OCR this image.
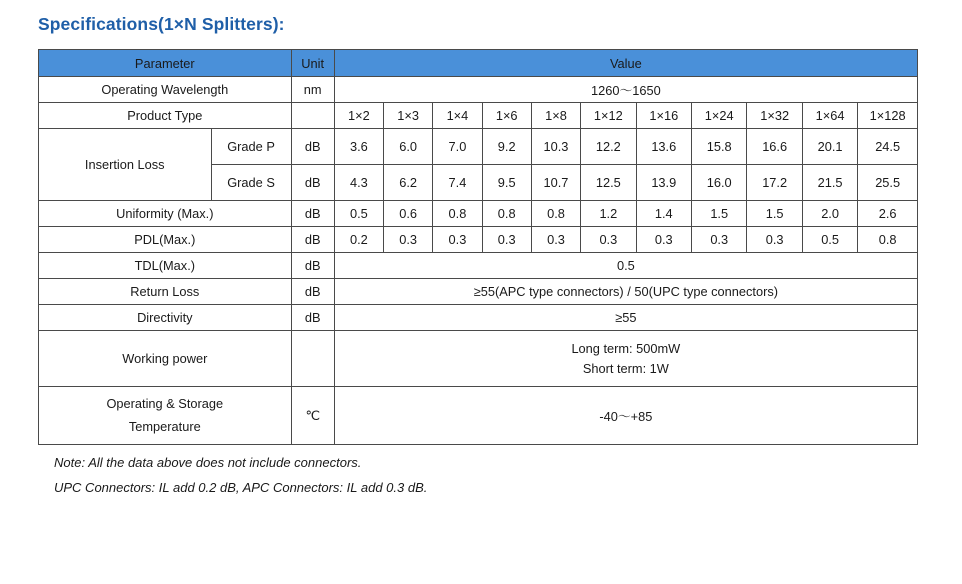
Specifications(1×N Splitters):
Parameter		Unit	Value										
Operating Wavelength		nm	1260～1650										
Product Type			1×2	1×3	1×4	1×6	1×8	1×12	1×16	1×24	1×32	1×64	1×128
Insertion Loss	Grade P	dB	3.6	6.0	7.0	9.2	10.3	12.2	13.6	15.8	16.6	20.1	24.5
	Grade S	dB	4.3	6.2	7.4	9.5	10.7	12.5	13.9	16.0	17.2	21.5	25.5
Uniformity (Max.)		dB	0.5	0.6	0.8	0.8	0.8	1.2	1.4	1.5	1.5	2.0	2.6
PDL(Max.)		dB	0.2	0.3	0.3	0.3	0.3	0.3	0.3	0.3	0.3	0.5	0.8
TDL(Max.)		dB	0.5										
Return Loss		dB	≥55(APC type connectors) / 50(UPC type connectors)										
Directivity		dB	≥55										
Working power			Long term: 500mW
Short term: 1W										

Operating & Storage
Temperature		℃	-40～+85										

Note: All the data above does not include connectors.

UPC Connectors: IL add 0.2 dB, APC Connectors: IL add 0.3 dB.
